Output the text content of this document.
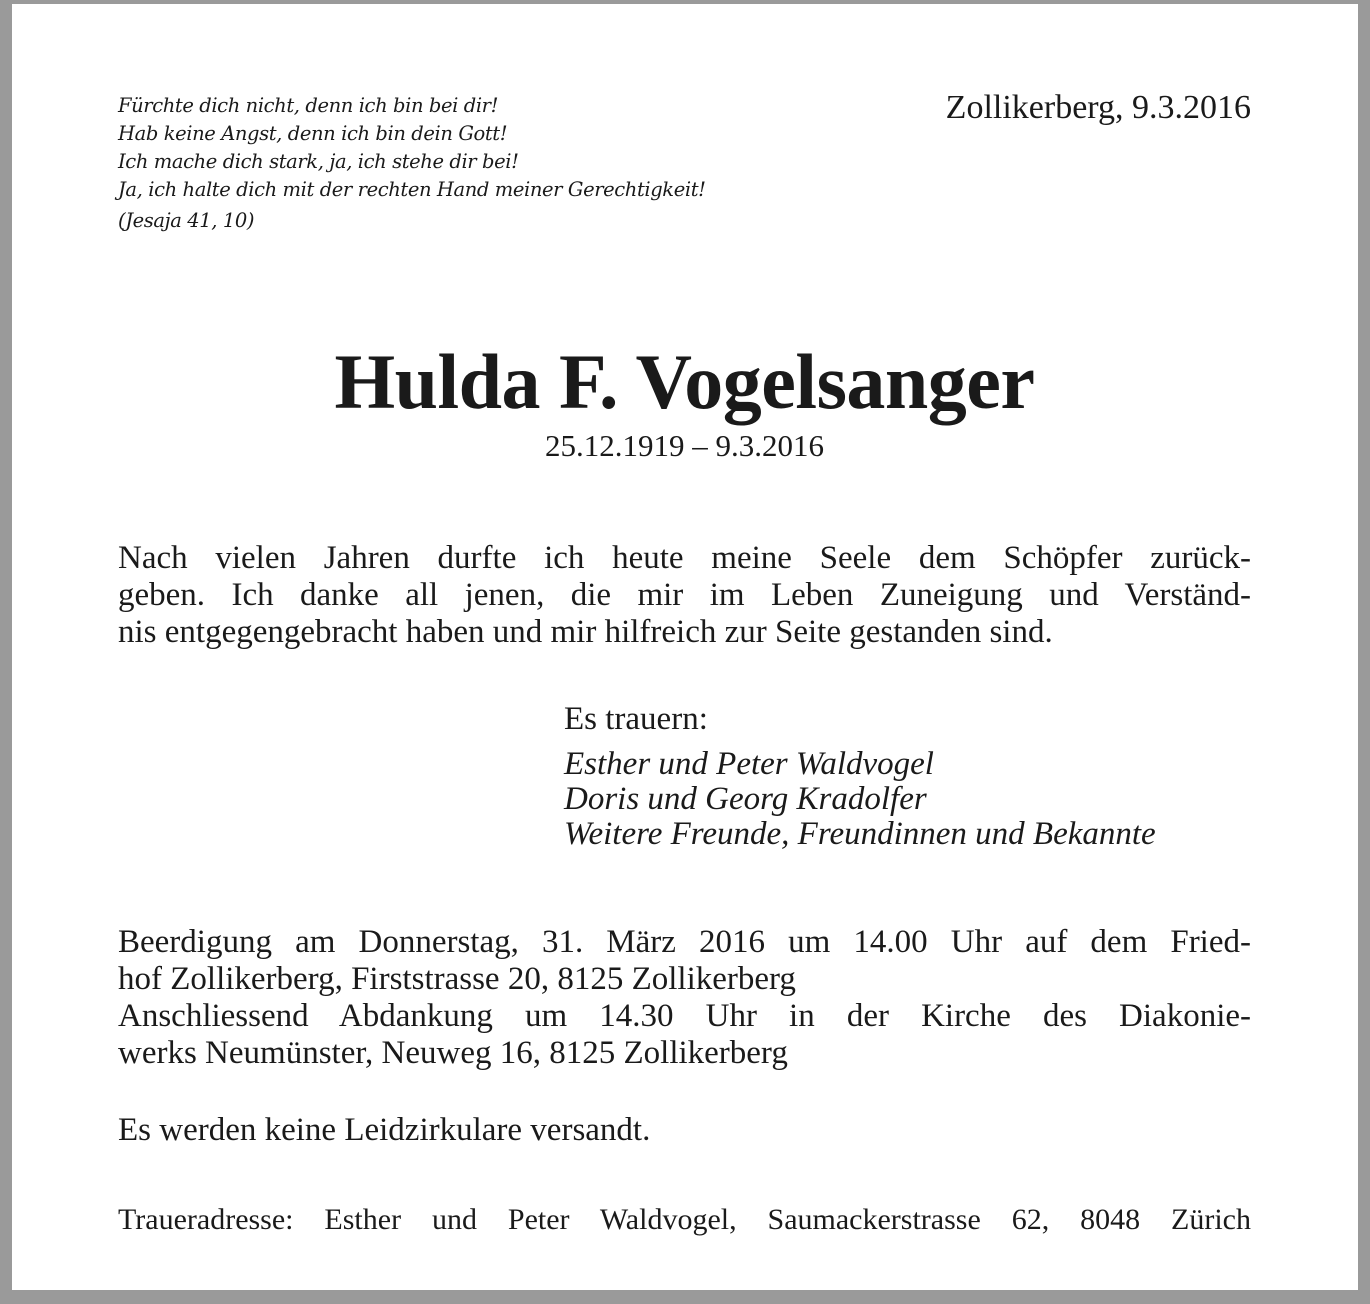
Fürchte dich nicht, denn ich bin bei dir!
Hab keine Angst, denn ich bin dein Gott!
Ich mache dich stark, ja, ich stehe dir bei!
Ja, ich halte dich mit der rechten Hand meiner Gerechtigkeit!
(Jesaja 41, 10)
Zollikerberg, 9.3.2016
Hulda F. Vogelsanger
25.12.1919 – 9.3.2016
Nach vielen Jahren durfte ich heute meine Seele dem Schöpfer zurück-
geben. Ich danke all jenen, die mir im Leben Zuneigung und Verständ-
nis entgegengebracht haben und mir hilfreich zur Seite gestanden sind.
Es trauern:
Esther und Peter Waldvogel
Doris und Georg Kradolfer
Weitere Freunde, Freundinnen und Bekannte
Beerdigung am Donnerstag, 31. März 2016 um 14.00 Uhr auf dem Fried-
hof Zollikerberg, Firststrasse 20, 8125 Zollikerberg
Anschliessend Abdankung um 14.30 Uhr in der Kirche des Diakonie-
werks Neumünster, Neuweg 16, 8125 Zollikerberg
Es werden keine Leidzirkulare versandt.
Traueradresse: Esther und Peter Waldvogel, Saumackerstrasse 62, 8048 Zürich
